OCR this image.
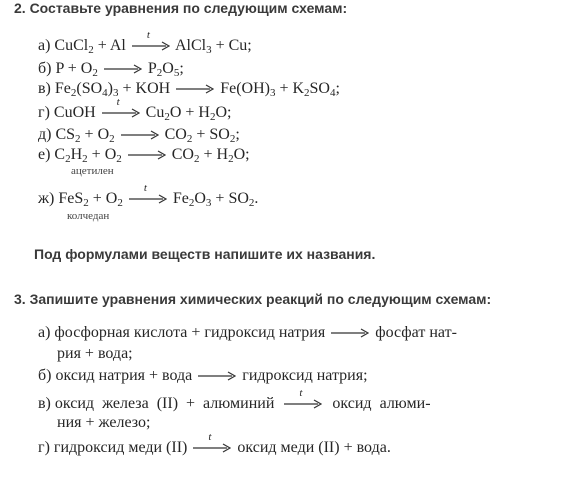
2. Составьте уравнения по следующим схемам:
а) CuCl2 + Al
t
AlCl3 + Cu;
б) P + O2 → P2O5;
в) Fe2(SO4)3 + KOH → Fe(OH)3 + K2SO4;
г) CuOH
t
Cu2O + H2O;
д) CS2 + O2 → CO2 + SO2;
е) C2H2 + O2 → CO2 + H2O;
ацетилен
ж) FeS2 + O2
t
Fe2O3 + SO2.
колчедан
Под формулами веществ напишите их названия.
3. Запишите уравнения химических реакций по следующим схемам:
а) фосфорная кислота + гидроксид натрия → фосфат нат-
рия + вода;
б) оксид натрия + вода → гидроксид натрия;
в) оксид  железа  (II)  +  алюминий
t
оксид  алюми-
ния + железо;
г) гидроксид меди (II)
t
оксид меди (II) + вода.
